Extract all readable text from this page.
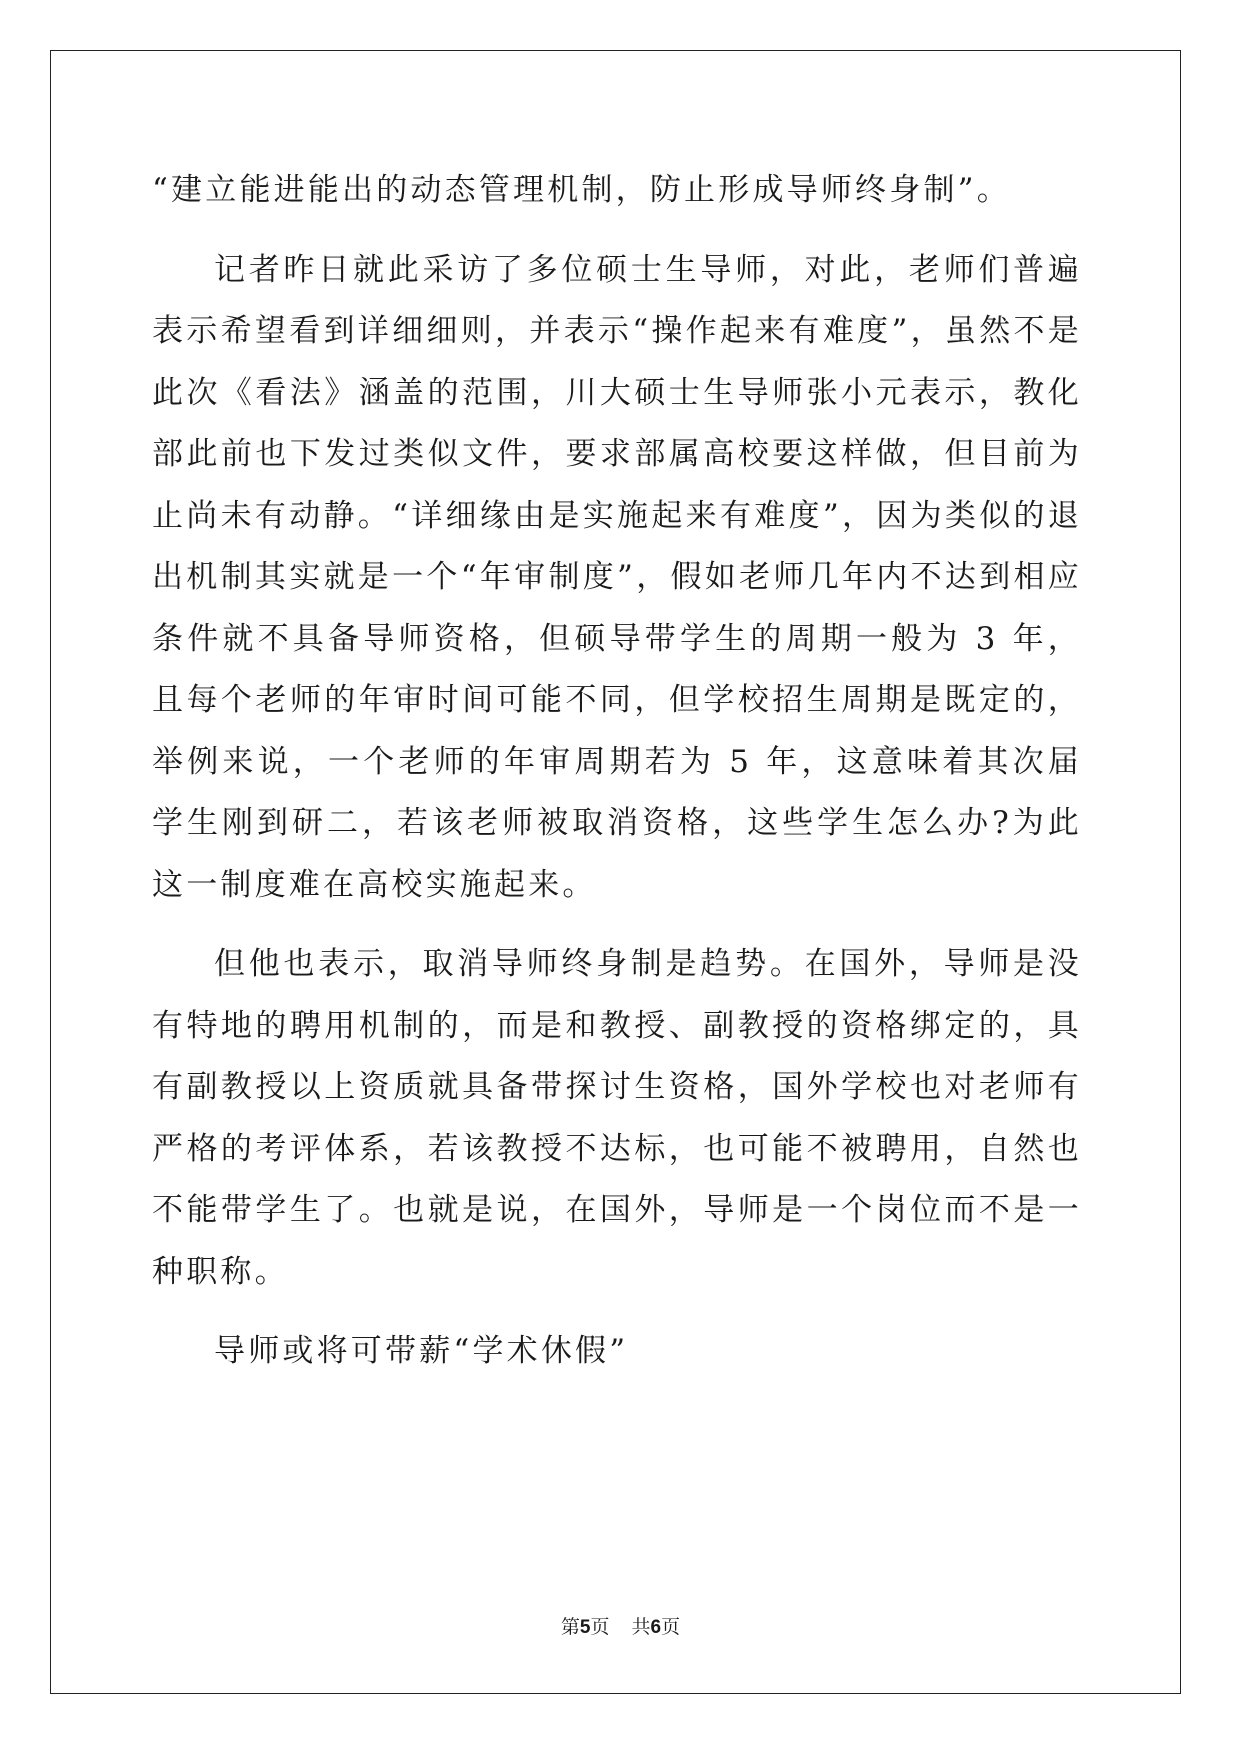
“建立能进能出的动态管理机制，防止形成导师终身制”。

记者昨日就此采访了多位硕士生导师，对此，老师们普遍表示希望看到详细细则，并表示“操作起来有难度”，虽然不是此次《看法》涵盖的范围，川大硕士生导师张小元表示，教化部此前也下发过类似文件，要求部属高校要这样做，但目前为止尚未有动静。“详细缘由是实施起来有难度”，因为类似的退出机制其实就是一个“年审制度”，假如老师几年内不达到相应条件就不具备导师资格，但硕导带学生的周期一般为 3 年，且每个老师的年审时间可能不同，但学校招生周期是既定的，举例来说，一个老师的年审周期若为 5 年，这意味着其次届学生刚到研二，若该老师被取消资格，这些学生怎么办?为此这一制度难在高校实施起来。

但他也表示，取消导师终身制是趋势。在国外，导师是没有特地的聘用机制的，而是和教授、副教授的资格绑定的，具有副教授以上资质就具备带探讨生资格，国外学校也对老师有严格的考评体系，若该教授不达标，也可能不被聘用，自然也不能带学生了。也就是说，在国外，导师是一个岗位而不是一种职称。

导师或将可带薪“学术休假”

第5页 共6页
